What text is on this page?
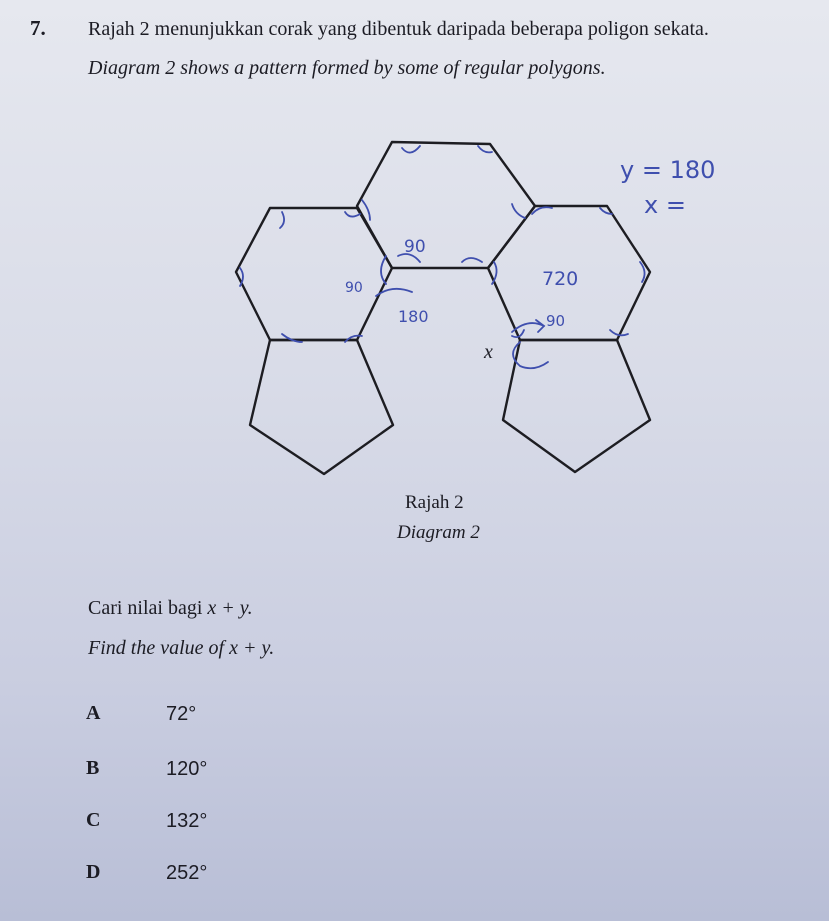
7. Rajah 2 menunjukkan corak yang dibentuk daripada beberapa poligon sekata.
Diagram 2 shows a pattern formed by some of regular polygons.
y = 180
x =
90
90
180
720
90
x
Rajah 2
Diagram 2
Cari nilai bagi x + y.
Find the value of x + y.
A	72°
B	120°
C	132°
D	252°
